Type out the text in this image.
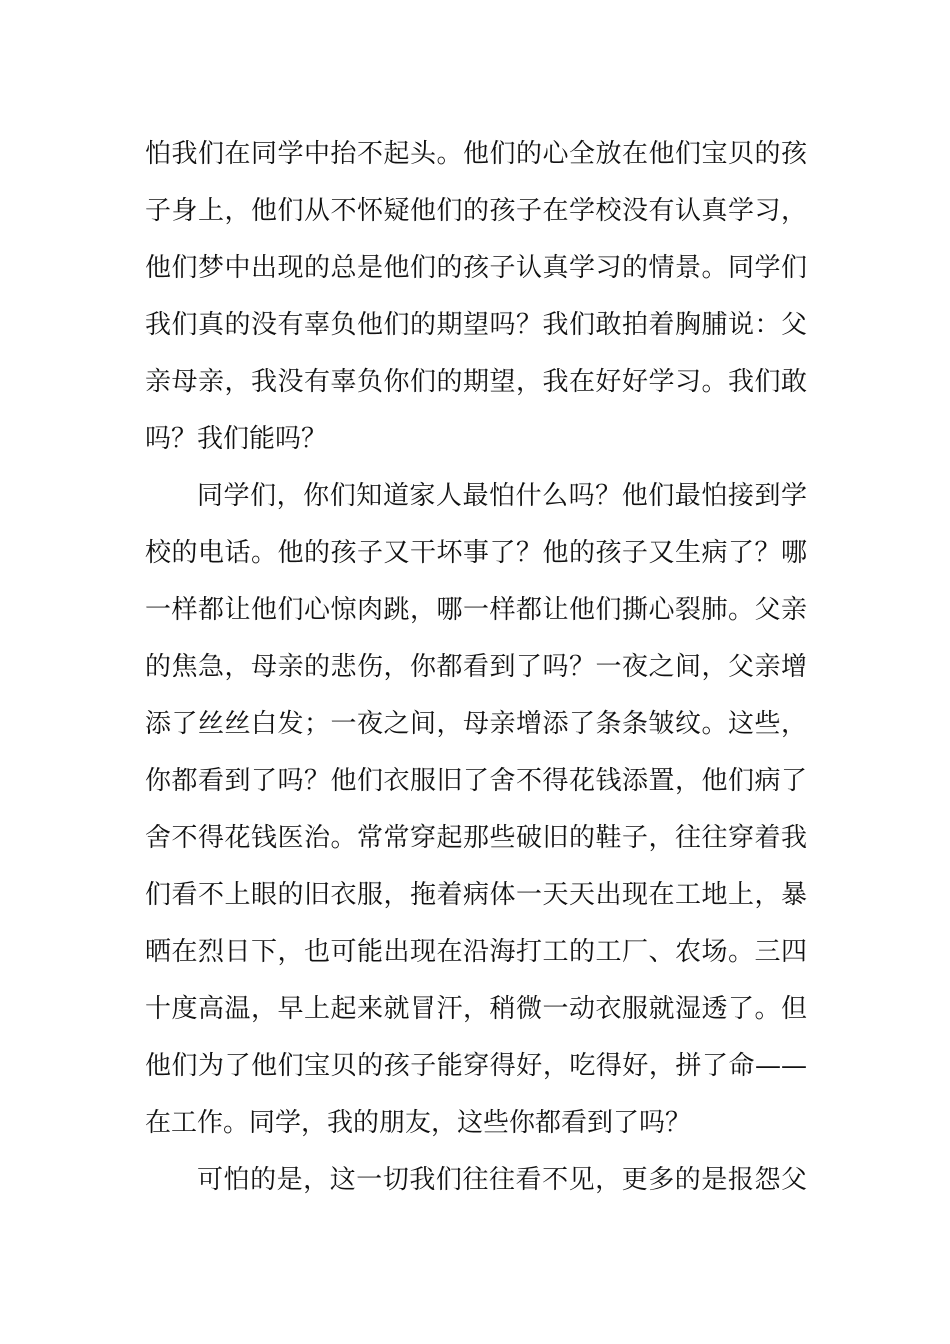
怕我们在同学中抬不起头。他们的心全放在他们宝贝的孩
子身上，他们从不怀疑他们的孩子在学校没有认真学习，
他们梦中出现的总是他们的孩子认真学习的情景。同学们
我们真的没有辜负他们的期望吗？我们敢拍着胸脯说：父
亲母亲，我没有辜负你们的期望，我在好好学习。我们敢
吗？我们能吗？
同学们，你们知道家人最怕什么吗？他们最怕接到学
校的电话。他的孩子又干坏事了？他的孩子又生病了？哪
一样都让他们心惊肉跳，哪一样都让他们撕心裂肺。父亲
的焦急，母亲的悲伤，你都看到了吗？一夜之间，父亲增
添了丝丝白发；一夜之间，母亲增添了条条皱纹。这些，
你都看到了吗？他们衣服旧了舍不得花钱添置，他们病了
舍不得花钱医治。常常穿起那些破旧的鞋子，往往穿着我
们看不上眼的旧衣服，拖着病体一天天出现在工地上，暴
晒在烈日下，也可能出现在沿海打工的工厂、农场。三四
十度高温，早上起来就冒汗，稍微一动衣服就湿透了。但
他们为了他们宝贝的孩子能穿得好，吃得好，拼了命——
在工作。同学，我的朋友，这些你都看到了吗？
可怕的是，这一切我们往往看不见，更多的是报怨父
